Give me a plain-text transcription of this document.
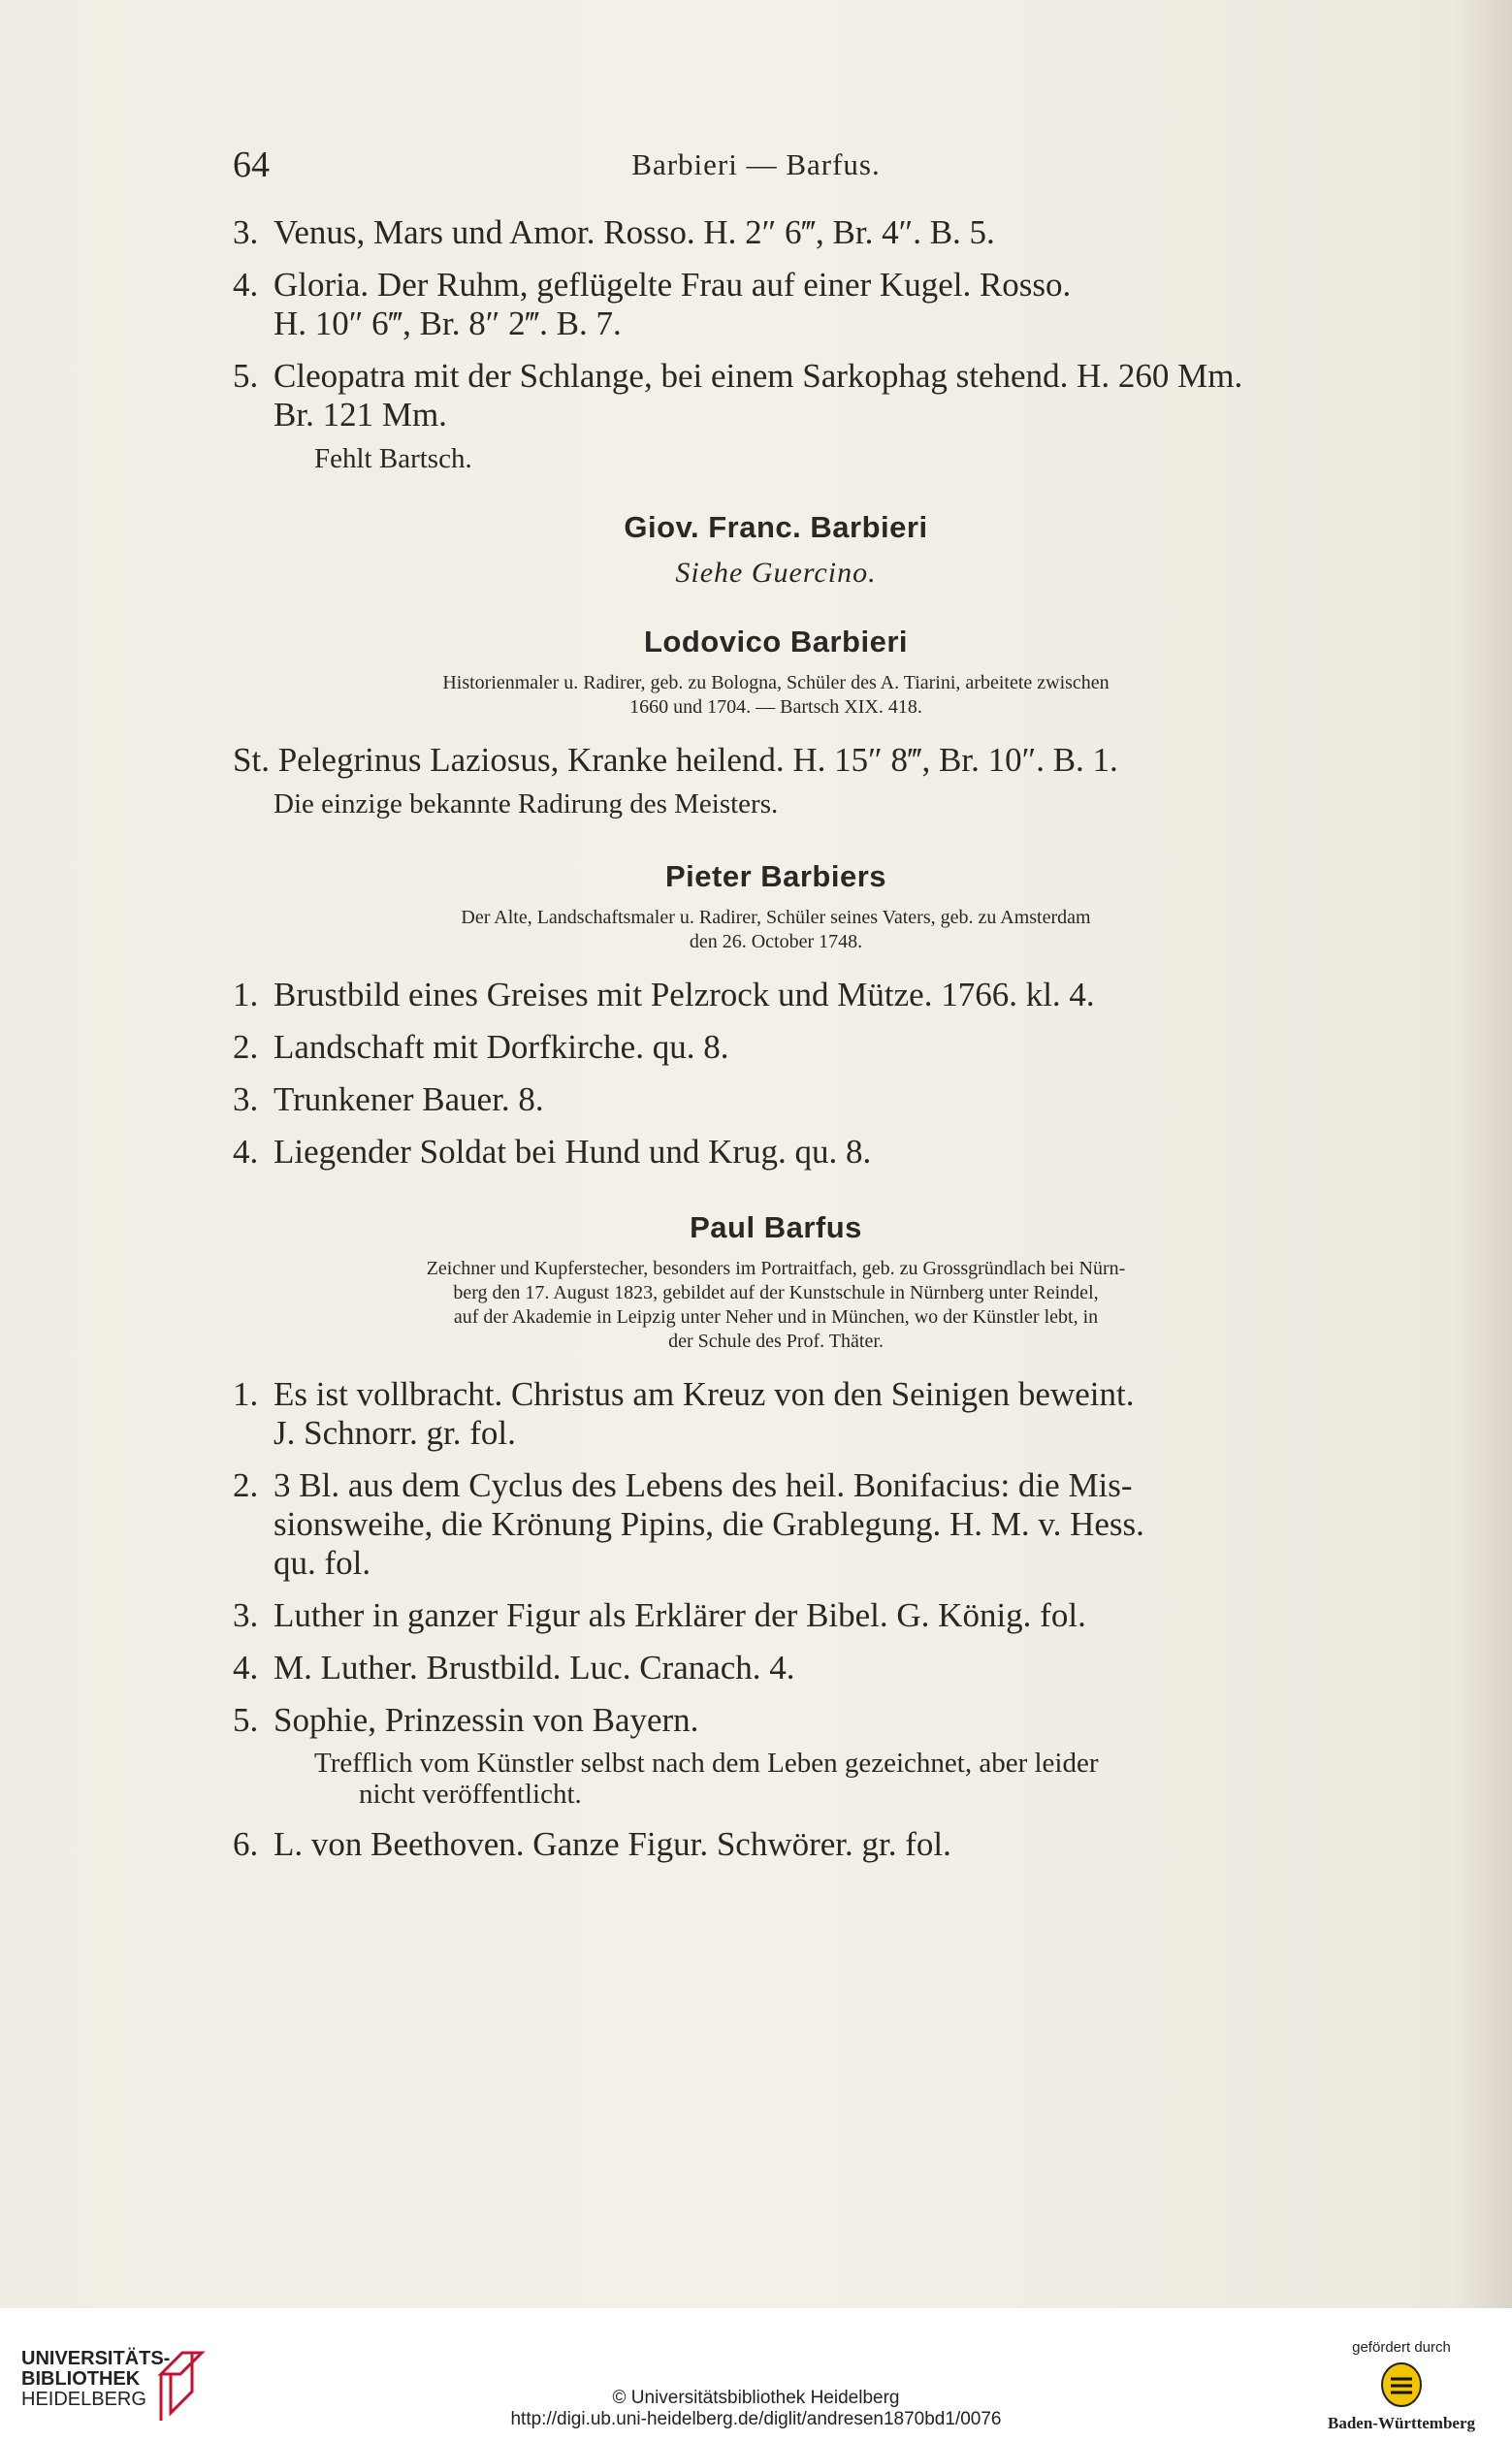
64	Barbieri — Barfus.
3. Venus, Mars und Amor. Rosso. H. 2″ 6‴, Br. 4″. B. 5.
4. Gloria. Der Ruhm, geflügelte Frau auf einer Kugel. Rosso.
H. 10″ 6‴, Br. 8″ 2‴. B. 7.
5. Cleopatra mit der Schlange, bei einem Sarkophag stehend. H. 260 Mm.
Br. 121 Mm.
Fehlt Bartsch.
Giov. Franc. Barbieri
Siehe Guercino.
Lodovico Barbieri
Historienmaler u. Radirer, geb. zu Bologna, Schüler des A. Tiarini, arbeitete zwischen
1660 und 1704. — Bartsch XIX. 418.
St. Pelegrinus Laziosus, Kranke heilend. H. 15″ 8‴, Br. 10″. B. 1.
Die einzige bekannte Radirung des Meisters.
Pieter Barbiers
Der Alte, Landschaftsmaler u. Radirer, Schüler seines Vaters, geb. zu Amsterdam
den 26. October 1748.
1. Brustbild eines Greises mit Pelzrock und Mütze. 1766. kl. 4.
2. Landschaft mit Dorfkirche. qu. 8.
3. Trunkener Bauer. 8.
4. Liegender Soldat bei Hund und Krug. qu. 8.
Paul Barfus
Zeichner und Kupferstecher, besonders im Portraitfach, geb. zu Grossgründlach bei Nürn-
berg den 17. August 1823, gebildet auf der Kunstschule in Nürnberg unter Reindel,
auf der Akademie in Leipzig unter Neher und in München, wo der Künstler lebt, in
der Schule des Prof. Thäter.
1. Es ist vollbracht. Christus am Kreuz von den Seinigen beweint.
J. Schnorr. gr. fol.
2. 3 Bl. aus dem Cyclus des Lebens des heil. Bonifacius: die Mis-
sionsweihe, die Krönung Pipins, die Grablegung. H. M. v. Hess.
qu. fol.
3. Luther in ganzer Figur als Erklärer der Bibel. G. König. fol.
4. M. Luther. Brustbild. Luc. Cranach. 4.
5. Sophie, Prinzessin von Bayern.
Trefflich vom Künstler selbst nach dem Leben gezeichnet, aber leider
nicht veröffentlicht.
6. L. von Beethoven. Ganze Figur. Schwörer. gr. fol.
UNIVERSITÄTS-
BIBLIOTHEK
HEIDELBERG	© Universitätsbibliothek Heidelberg
http://digi.ub.uni-heidelberg.de/diglit/andresen1870bd1/0076
gefördert durch
Baden-Württemberg
